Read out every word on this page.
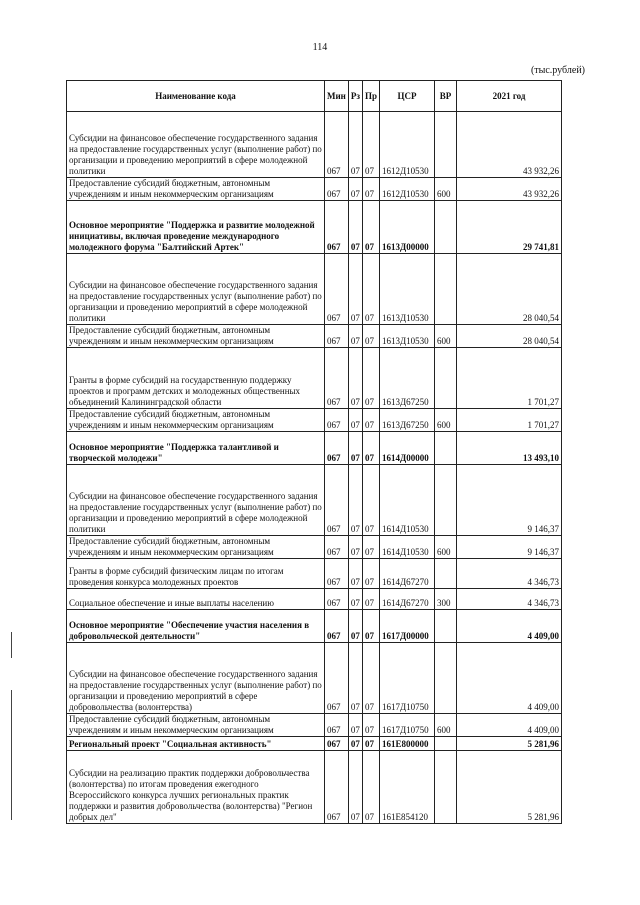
114
(тыс.рублей)
Наименование кода	Мин	Рз	Пр	ЦСР	ВР	2021 год
Субсидии на финансовое обеспечение государственного задания на предоставление государственных услуг (выполнение работ) по организации и проведению мероприятий в сфере молодежной политики	067	07	07	1612Д10530		43 932,26
Предоставление субсидий бюджетным, автономным учреждениям и иным некоммерческим организациям	067	07	07	1612Д10530	600	43 932,26
Основное мероприятие "Поддержка и развитие молодежной инициативы, включая проведение международного молодежного форума "Балтийский Артек"	067	07	07	1613Д00000		29 741,81
Субсидии на финансовое обеспечение государственного задания на предоставление государственных услуг (выполнение работ) по организации и проведению мероприятий в сфере молодежной политики	067	07	07	1613Д10530		28 040,54
Предоставление субсидий бюджетным, автономным учреждениям и иным некоммерческим организациям	067	07	07	1613Д10530	600	28 040,54
Гранты в форме субсидий на государственную поддержку проектов и программ детских и молодежных общественных объединений Калининградской области	067	07	07	1613Д67250		1 701,27
Предоставление субсидий бюджетным, автономным учреждениям и иным некоммерческим организациям	067	07	07	1613Д67250	600	1 701,27
Основное мероприятие "Поддержка талантливой и творческой молодежи"	067	07	07	1614Д00000		13 493,10
Субсидии на финансовое обеспечение государственного задания на предоставление государственных услуг (выполнение работ) по организации и проведению мероприятий в сфере молодежной политики	067	07	07	1614Д10530		9 146,37
Предоставление субсидий бюджетным, автономным учреждениям и иным некоммерческим организациям	067	07	07	1614Д10530	600	9 146,37
Гранты в форме субсидий физическим лицам по итогам проведения конкурса молодежных проектов	067	07	07	1614Д67270		4 346,73
Социальное обеспечение и иные выплаты населению	067	07	07	1614Д67270	300	4 346,73
Основное мероприятие "Обеспечение участия населения в добровольческой деятельности"	067	07	07	1617Д00000		4 409,00
Субсидии на финансовое обеспечение государственного задания на предоставление государственных услуг (выполнение работ) по организации и проведению мероприятий в сфере добровольчества (волонтерства)	067	07	07	1617Д10750		4 409,00
Предоставление субсидий бюджетным, автономным учреждениям и иным некоммерческим организациям	067	07	07	1617Д10750	600	4 409,00
Региональный проект "Социальная активность"	067	07	07	161E800000		5 281,96
Субсидии на реализацию практик поддержки добровольчества (волонтерства) по итогам проведения ежегодного Всероссийского конкурса лучших региональных практик поддержки и развития добровольчества (волонтерства) "Регион добрых дел"	067	07	07	161E854120		5 281,96
